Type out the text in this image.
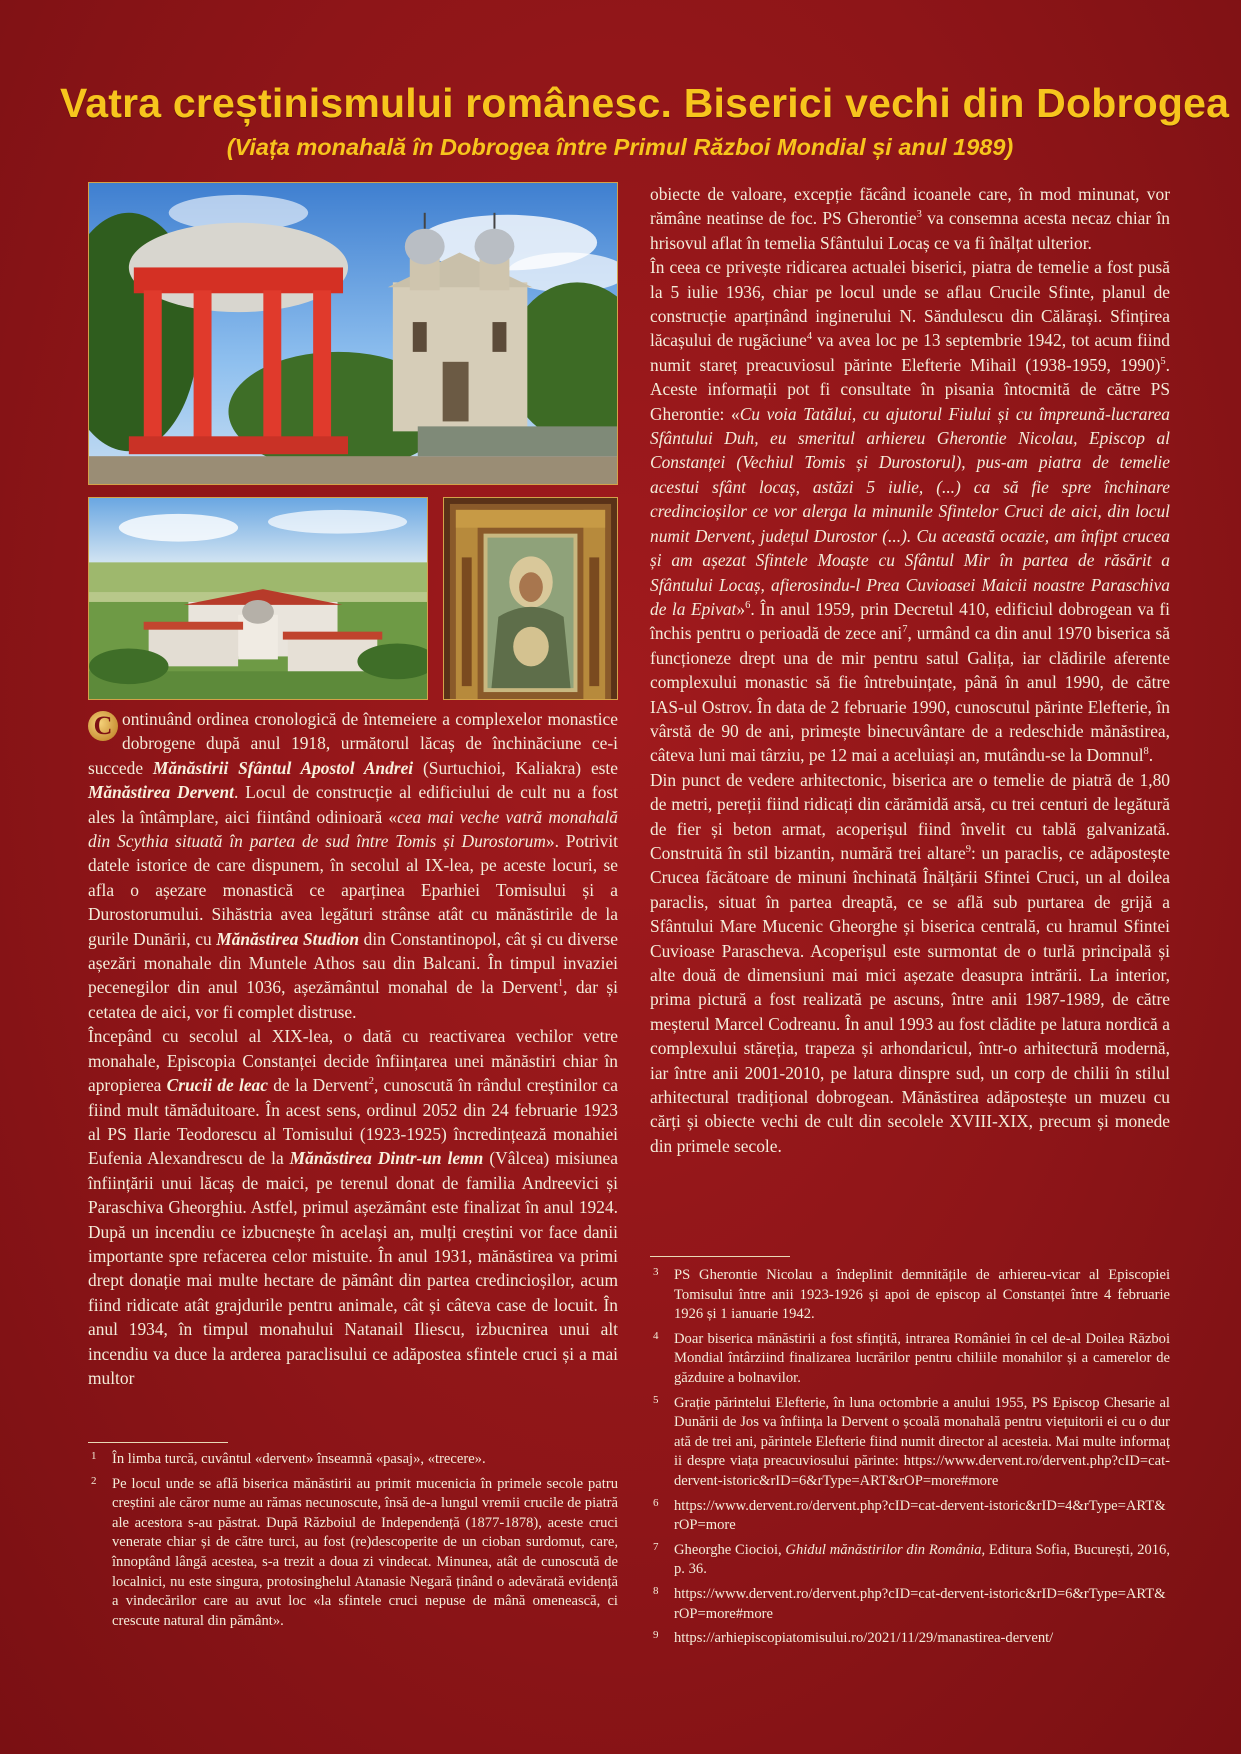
Vatra creștinismului românesc. Biserici vechi din Dobrogea
(Viața monahală în Dobrogea între Primul Război Mondial și anul 1989)

C ontinuând ordinea cronologică de întemeiere a complexelor monastice dobrogene după anul 1918, următorul lăcaș de închinăciune ce-i succede Mănăstirii Sfântul Apostol Andrei (Surtuchioi, Kaliakra) este Mănăstirea Dervent. Locul de construcție al edificiului de cult nu a fost ales la întâmplare, aici fiintând odinioară «cea mai veche vatră monahală din Scythia situată în partea de sud între Tomis și Durostorum». Potrivit datele istorice de care dispunem, în secolul al IX-lea, pe aceste locuri, se afla o așezare monastică ce aparținea Eparhiei Tomisului și a Durostorumului. Sihăstria avea legături strânse atât cu mănăstirile de la gurile Dunării, cu Mănăstirea Studion din Constantinopol, cât și cu diverse așezări monahale din Muntele Athos sau din Balcani. În timpul invaziei pecenegilor din anul 1036, așezământul monahal de la Dervent$^1$, dar și cetatea de aici, vor fi complet distruse.

Începând cu secolul al XIX-lea, o dată cu reactivarea vechilor vetre monahale, Episcopia Constanței decide înființarea unei mănăstiri chiar în apropierea Crucii de leac de la Dervent$^2$, cunoscută în rândul creștinilor ca fiind mult tămăduitoare. În acest sens, ordinul 2052 din 24 februarie 1923 al PS Ilarie Teodorescu al Tomisului (1923-1925) încredințează monahiei Eufenia Alexandrescu de la Mănăstirea Dintr-un lemn (Vâlcea) misiunea înființării unui lăcaș de maici, pe terenul donat de familia Andreevici și Paraschiva Gheorghiu. Astfel, primul așezământ este finalizat în anul 1924. După un incendiu ce izbucnește în același an, mulți creștini vor face danii importante spre refacerea celor mistuite. În anul 1931, mănăstirea va primi drept donație mai multe hectare de pământ din partea credincioșilor, acum fiind ridicate atât grajdurile pentru animale, cât și câteva case de locuit. În anul 1934, în timpul monahului Natanail Iliescu, izbucnirea unui alt incendiu va duce la arderea paraclisului ce adăpostea sfintele cruci și a mai multor

obiecte de valoare, excepție făcând icoanele care, în mod minunat, vor rămâne neatinse de foc. PS Gherontie$^3$ va consemna acesta necaz chiar în hrisovul aflat în temelia Sfântului Locaș ce va fi înălțat ulterior.

În ceea ce privește ridicarea actualei biserici, piatra de temelie a fost pusă la 5 iulie 1936, chiar pe locul unde se aflau Crucile Sfinte, planul de construcție aparținând inginerului N. Săndulescu din Călărași. Sfințirea lăcașului de rugăciune$^4$ va avea loc pe 13 septembrie 1942, tot acum fiind numit stareț preacuviosul părinte Elefterie Mihail (1938-1959, 1990)$^5$. Aceste informații pot fi consultate în pisania întocmită de către PS Gherontie: «Cu voia Tatălui, cu ajutorul Fiului și cu împreună-lucrarea Sfântului Duh, eu smeritul arhiereu Gherontie Nicolau, Episcop al Constanței (Vechiul Tomis și Durostorul), pus-am piatra de temelie acestui sfânt locaș, astăzi 5 iulie, (...) ca să fie spre închinare credincioșilor ce vor alerga la minunile Sfintelor Cruci de aici, din locul numit Dervent, județul Durostor (...). Cu această ocazie, am înfipt crucea și am așezat Sfintele Moaște cu Sfântul Mir în partea de răsărit a Sfântului Locaș, afierosindu-l Prea Cuvioasei Maicii noastre Paraschiva de la Epivat»$^6$. În anul 1959, prin Decretul 410, edificiul dobrogean va fi închis pentru o perioadă de zece ani$^7$, urmând ca din anul 1970 biserica să funcționeze drept una de mir pentru satul Galița, iar clădirile aferente complexului monastic să fie întrebuințate, până în anul 1990, de către IAS-ul Ostrov. În data de 2 februarie 1990, cunoscutul părinte Elefterie, în vârstă de 90 de ani, primește binecuvântare de a redeschide mănăstirea, câteva luni mai târziu, pe 12 mai a aceluiași an, mutându-se la Domnul$^8$.

Din punct de vedere arhitectonic, biserica are o temelie de piatră de 1,80 de metri, pereții fiind ridicați din cărămidă arsă, cu trei centuri de legătură de fier și beton armat, acoperișul fiind învelit cu tablă galvanizată. Construită în stil bizantin, numără trei altare$^9$: un paraclis, ce adăpostește Crucea făcătoare de minuni închinată Înălțării Sfintei Cruci, un al doilea paraclis, situat în partea dreaptă, ce se află sub purtarea de grijă a Sfântului Mare Mucenic Gheorghe și biserica centrală, cu hramul Sfintei Cuvioase Parascheva. Acoperișul este surmontat de o turlă principală și alte două de dimensiuni mai mici așezate deasupra intrării. La interior, prima pictură a fost realizată pe ascuns, între anii 1987-1989, de către meșterul Marcel Codreanu. În anul 1993 au fost clădite pe latura nordică a complexului stărеția, trapeza și arhondaricul, într-o arhitectură modernă, iar între anii 2001-2010, pe latura dinspre sud, un corp de chilii în stilul arhitectural tradițional dobrogean. Mănăstirea adăpostește un muzeu cu cărți și obiecte vechi de cult din secolele XVIII-XIX, precum și monede din primele secole.

1 În limba turcă, cuvântul «dervent» înseamnă «pasaj», «trecere».
2 Pe locul unde se află biserica mănăstirii au primit mucenicia în primele secole patru creștini ale căror nume au rămas necunoscute, însă de-a lungul vremii crucile de piatră ale acestora s-au păstrat. După Războiul de Independență (1877-1878), aceste cruci venerate chiar și de către turci, au fost (re)descoperite de un cioban surdomut, care, înnoptând lângă acestea, s-a trezit a doua zi vindecat. Minunea, atât de cunoscută de localnici, nu este singura, protosinghelul Atanasie Negară ținând o adevărată evidență a vindecărilor care au avut loc «la sfintele cruci nepuse de mână omenească, ci crescute natural din pământ».
3 PS Gherontie Nicolau a îndeplinit demnitățile de arhiereu-vicar al Episcopiei Tomisului între anii 1923-1926 și apoi de episcop al Constanței între 4 februarie 1926 și 1 ianuarie 1942.
4 Doar biserica mănăstirii a fost sfințită, intrarea României în cel de-al Doilea Război Mondial întârziind finalizarea lucrărilor pentru chiliile monahilor și a camerelor de găzduire a bolnavilor.
5 Grație părintelui Elefterie, în luna octombrie a anului 1955, PS Episcop Chesarie al Dunării de Jos va înființa la Dervent o școală monahală pentru viețuitorii ei cu o durată de trei ani, părintele Elefterie fiind numit director al acesteia. Mai multe informații despre viața preacuviosului părinte: https://www.dervent.ro/dervent.php?cID=cat-dervent-istoric&rID=6&rType=ART&rOP=more#more
6 https://www.dervent.ro/dervent.php?cID=cat-dervent-istoric&rID=4&rType=ART&rOP=more
7 Gheorghe Ciocioi, Ghidul mănăstirilor din România, Editura Sofia, București, 2016, p. 36.
8 https://www.dervent.ro/dervent.php?cID=cat-dervent-istoric&rID=6&rType=ART&rOP=more#more
9 https://arhiepiscopiatomisului.ro/2021/11/29/manastirea-dervent/
